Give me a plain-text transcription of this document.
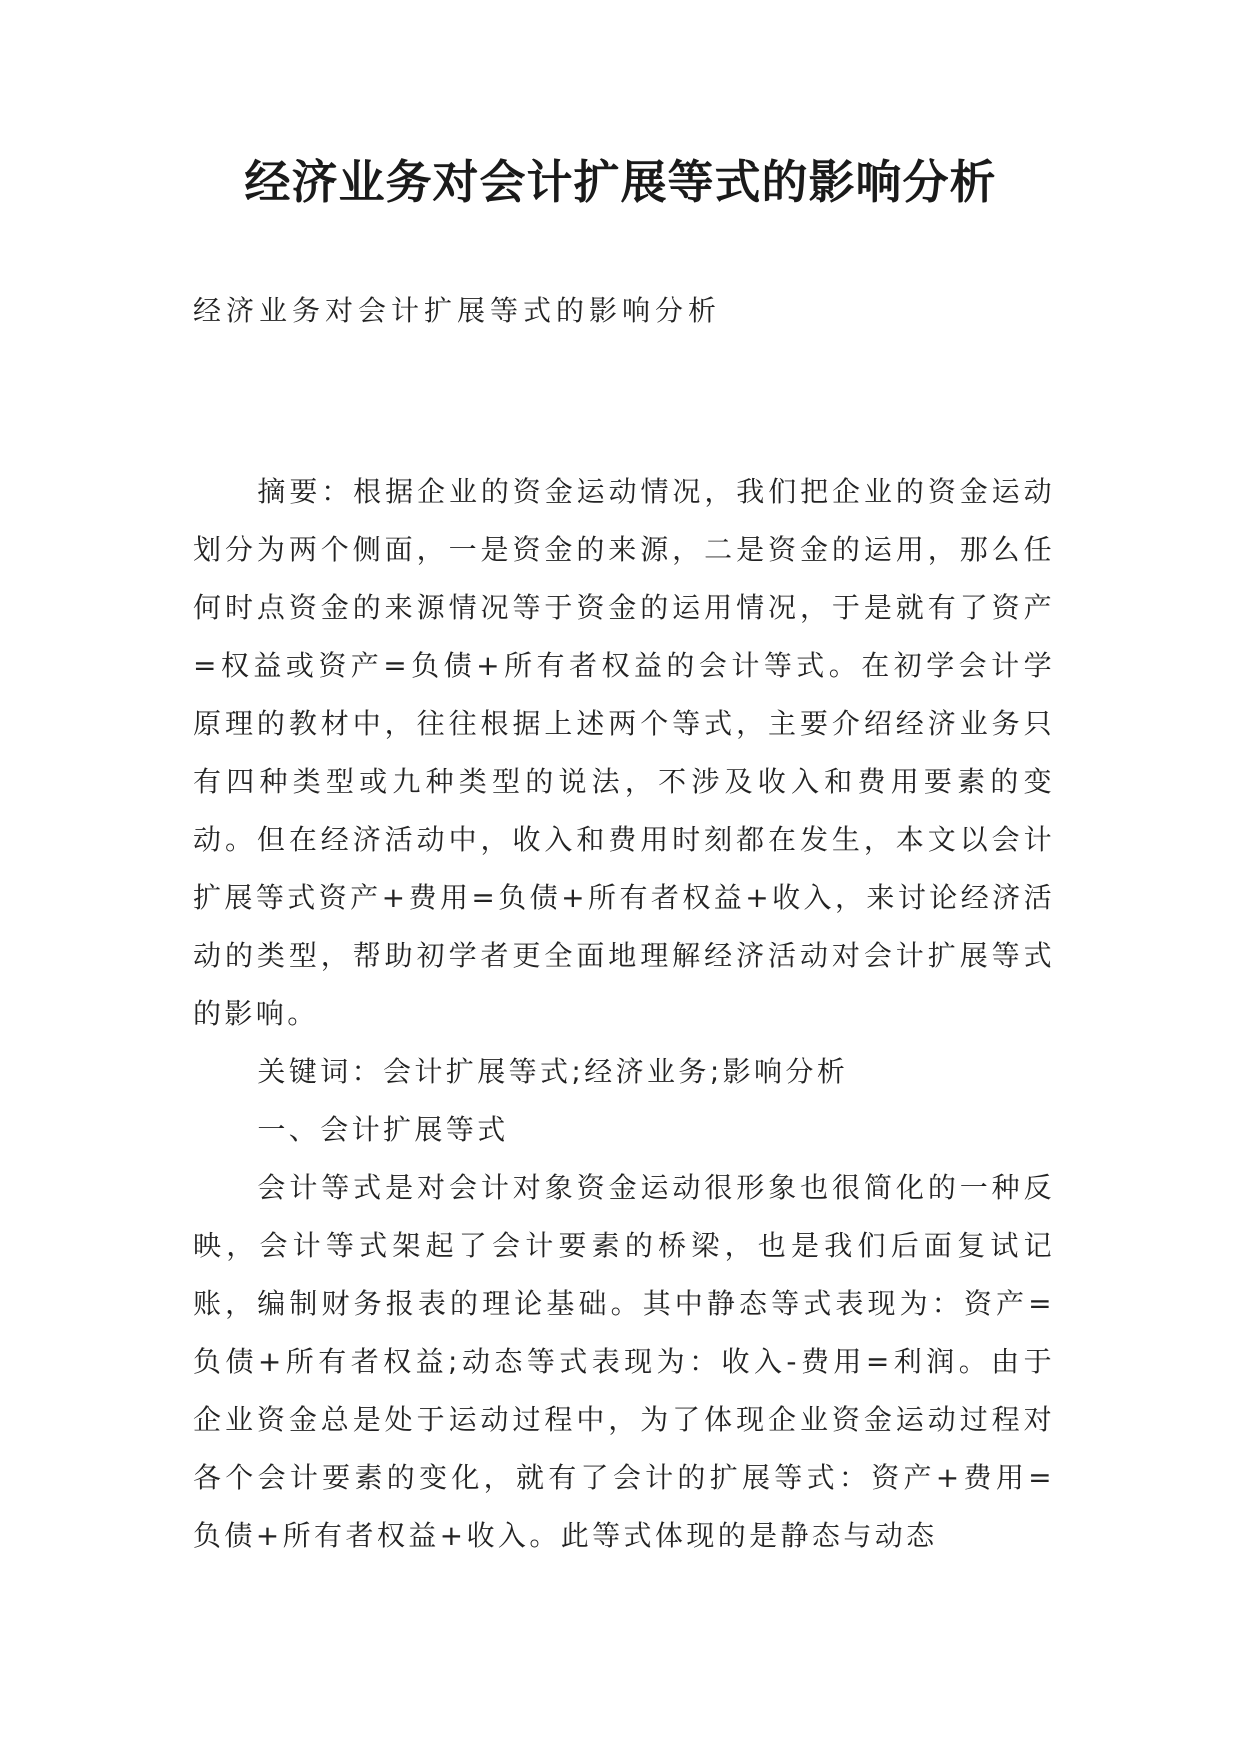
经济业务对会计扩展等式的影响分析
经济业务对会计扩展等式的影响分析

摘要：根据企业的资金运动情况，我们把企业的资金运动划分为两个侧面，一是资金的来源，二是资金的运用，那么任何时点资金的来源情况等于资金的运用情况，于是就有了资产=权益或资产=负债+所有者权益的会计等式。在初学会计学原理的教材中，往往根据上述两个等式，主要介绍经济业务只有四种类型或九种类型的说法，不涉及收入和费用要素的变动。但在经济活动中，收入和费用时刻都在发生，本文以会计扩展等式资产+费用=负债+所有者权益+收入，来讨论经济活动的类型，帮助初学者更全面地理解经济活动对会计扩展等式的影响。

关键词：会计扩展等式;经济业务;影响分析

一、会计扩展等式

会计等式是对会计对象资金运动很形象也很简化的一种反映，会计等式架起了会计要素的桥梁，也是我们后面复试记账，编制财务报表的理论基础。其中静态等式表现为：资产=负债+所有者权益;动态等式表现为：收入-费用=利润。由于企业资金总是处于运动过程中，为了体现企业资金运动过程对各个会计要素的变化，就有了会计的扩展等式：资产+费用=负债+所有者权益+收入。此等式体现的是静态与动态
